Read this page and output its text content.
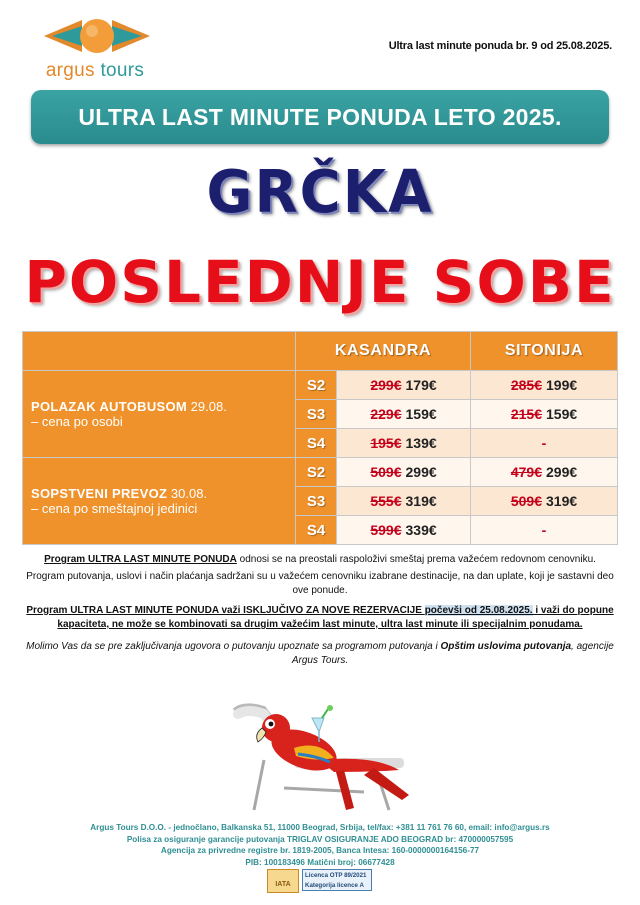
argus tours
Ultra last minute ponuda br. 9 od 25.08.2025.
ULTRA LAST MINUTE PONUDA LETO 2025.
GRČKA
POSLEDNJE SOBE
	KASANDRA		SITONIJA
POLAZAK AUTOBUSOM 29.08.
– cena po osobi	S2	299€ 179€	285€ 199€
	S3	229€ 159€	215€ 159€
	S4	195€ 139€	-
SOPSTVENI PREVOZ 30.08.
– cena po smeštajnoj jedinici	S2	509€ 299€	479€ 299€
	S3	555€ 319€	509€ 319€
	S4	599€ 339€	-

Program ULTRA LAST MINUTE PONUDA odnosi se na preostali raspoloživi smeštaj prema važećem redovnom cenovniku.

Program putovanja, uslovi i način plaćanja sadržani su u važećem cenovniku izabrane destinacije, na dan uplate, koji je sastavni deo ove ponude.

Program ULTRA LAST MINUTE PONUDA važi ISKLJUČIVO ZA NOVE REZERVACIJE počevši od 25.08.2025. i važi do popune kapaciteta, ne može se kombinovati sa drugim važećim last minute, ultra last minute ili specijalnim ponudama.

Molimo Vas da se pre zaključivanja ugovora o putovanju upoznate sa programom putovanja i Opštim uslovima putovanja, agencije Argus Tours.

Argus Tours D.O.O. - jednočlano, Balkanska 51, 11000 Beograd, Srbija, tel/fax: +381 11 761 76 60, email: info@argus.rs
Polisa za osiguranje garancije putovanja TRIGLAV OSIGURANJE ADO BEOGRAD br: 470000057595
Agencija za privredne registre br. 1819-2005, Banca Intesa: 160-0000000164156-77
PIB: 100183496 Matični broj: 06677428
IATA
Licenca OTP 89/2021
Kategorija licence A
